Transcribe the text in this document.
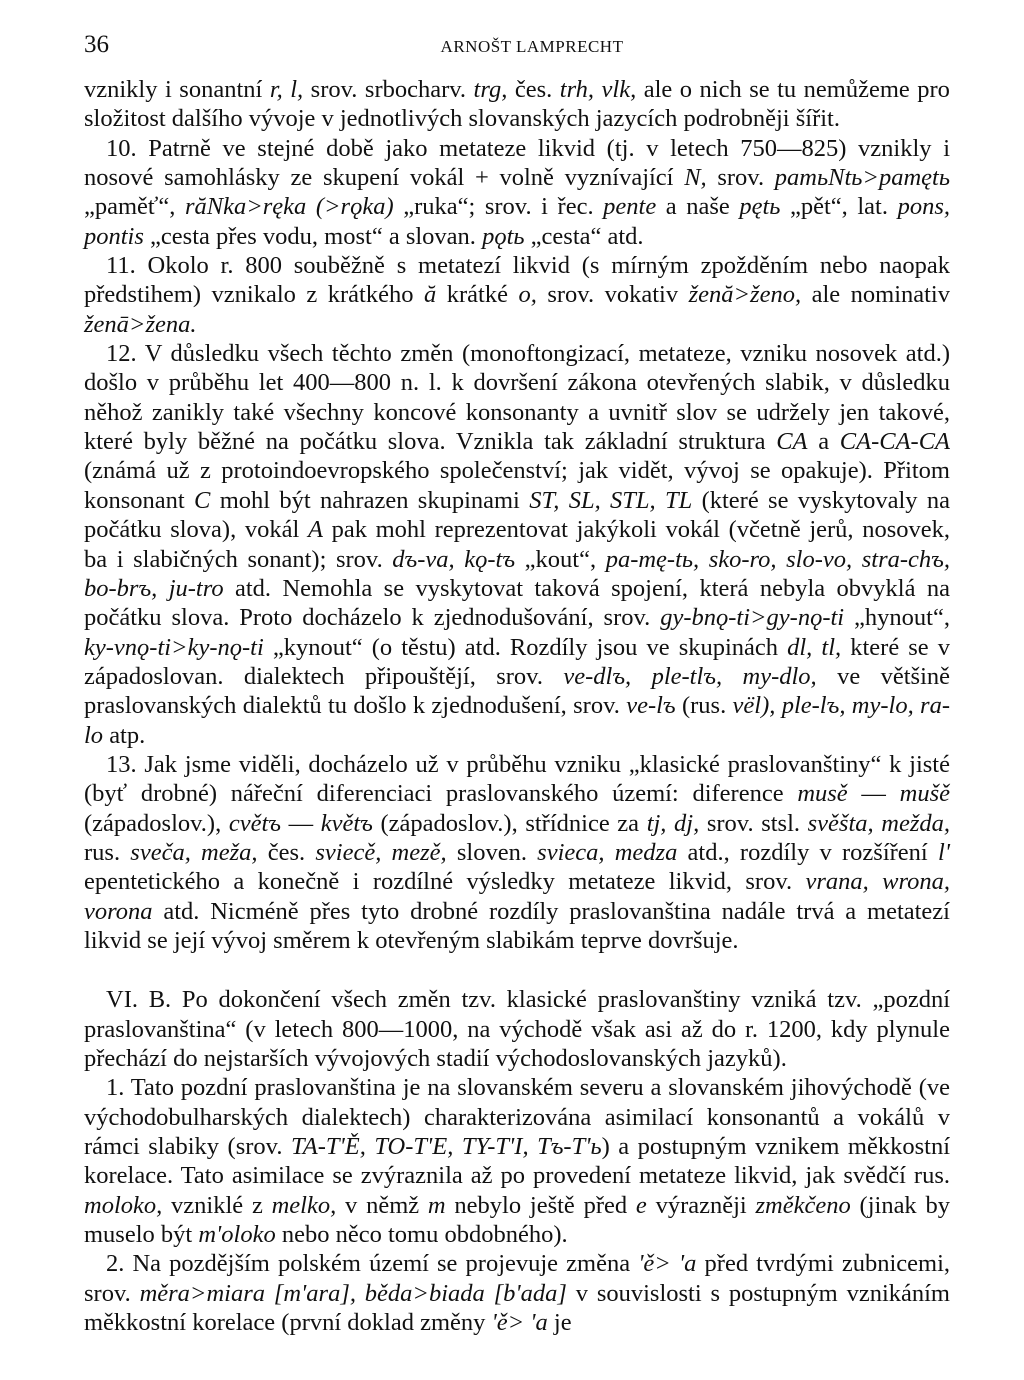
36	ARNOŠT LAMPRECHT

vznikly i sonantní r, l, srov. srbocharv. trg, čes. trh, vlk, ale o nich se tu nemůžeme pro složitost dalšího vývoje v jednotlivých slovanských jazycích podrobněji šířit.

10. Patrně ve stejné době jako metateze likvid (tj. v letech 750—825) vznikly i nosové samohlásky ze skupení vokál + volně vyznívající N, srov. pamьNtь>pamętь „paměť“, răNka>ręka (>rǫka) „ruka“; srov. i řec. pente a naše pętь „pět“, lat. pons, pontis „cesta přes vodu, most“ a slovan. pǫtь „cesta“ atd.

11. Okolo r. 800 souběžně s metatezí likvid (s mírným zpožděním nebo naopak předstihem) vznikalo z krátkého ă krátké o, srov. vokativ ženă>ženo, ale nominativ ženā>žena.

12. V důsledku všech těchto změn (monoftongizací, metateze, vzniku nosovek atd.) došlo v průběhu let 400—800 n. l. k dovršení zákona otevřených slabik, v důsledku něhož zanikly také všechny koncové konsonanty a uvnitř slov se udržely jen takové, které byly běžné na počátku slova. Vznikla tak základní struktura CA a CA-CA-CA (známá už z protoindoevropského společenství; jak vidět, vývoj se opakuje). Přitom konsonant C mohl být nahrazen skupinami ST, SL, STL, TL (které se vyskytovaly na počátku slova), vokál A pak mohl reprezentovat jakýkoli vokál (včetně jerů, nosovek, ba i slabičných sonant); srov. dъ-va, kǫ-tъ „kout“, pa-mę-tь, sko-ro, slo-vo, stra-chъ, bo-brъ, ju-tro atd. Nemohla se vyskytovat taková spojení, která nebyla obvyklá na počátku slova. Proto docházelo k zjednodušování, srov. gy-bnǫ-ti>gy-nǫ-ti „hynout“, ky-vnǫ-ti>ky-nǫ-ti „kynout“ (o těstu) atd. Rozdíly jsou ve skupinách dl, tl, které se v západoslovan. dialektech připouštějí, srov. ve-dlъ, ple-tlъ, my-dlo, ve většině praslovanských dialektů tu došlo k zjednodušení, srov. ve-lъ (rus. vël), ple-lъ, my-lo, ra-lo atp.

13. Jak jsme viděli, docházelo už v průběhu vzniku „klasické praslovanštiny“ k jisté (byť drobné) nářeční diferenciaci praslovanského území: diference musě — mušě (západoslov.), cvětъ — květъ (západoslov.), střídnice za tj, dj, srov. stsl. svěšta, mežda, rus. sveča, meža, čes. sviecě, mezě, sloven. svieca, medza atd., rozdíly v rozšíření l' epentetického a konečně i rozdílné výsledky metateze likvid, srov. vrana, wrona, vorona atd. Nicméně přes tyto drobné rozdíly praslovanština nadále trvá a metatezí likvid se její vývoj směrem k otevřeným slabikám teprve dovršuje.

VI. B. Po dokončení všech změn tzv. klasické praslovanštiny vzniká tzv. „pozdní praslovanština“ (v letech 800—1000, na východě však asi až do r. 1200, kdy plynule přechází do nejstarších vývojových stadií východoslovanských jazyků).

1. Tato pozdní praslovanština je na slovanském severu a slovanském jihovýchodě (ve východobulharských dialektech) charakterizována asimilací konsonantů a vokálů v rámci slabiky (srov. TA-T'Ě, TO-T'E, TY-T'I, Tъ-T'ь) a postupným vznikem měkkostní korelace. Tato asimilace se zvýraznila až po provedení metateze likvid, jak svědčí rus. moloko, vzniklé z melko, v němž m nebylo ještě před e výrazněji změkčeno (jinak by muselo být m'oloko nebo něco tomu obdobného).

2. Na pozdějším polském území se projevuje změna 'ě> 'a před tvrdými zubnicemi, srov. měra>miara [m'ara], běda>biada [b'ada] v souvislosti s postupným vznikáním měkkostní korelace (první doklad změny 'ě> 'a je
